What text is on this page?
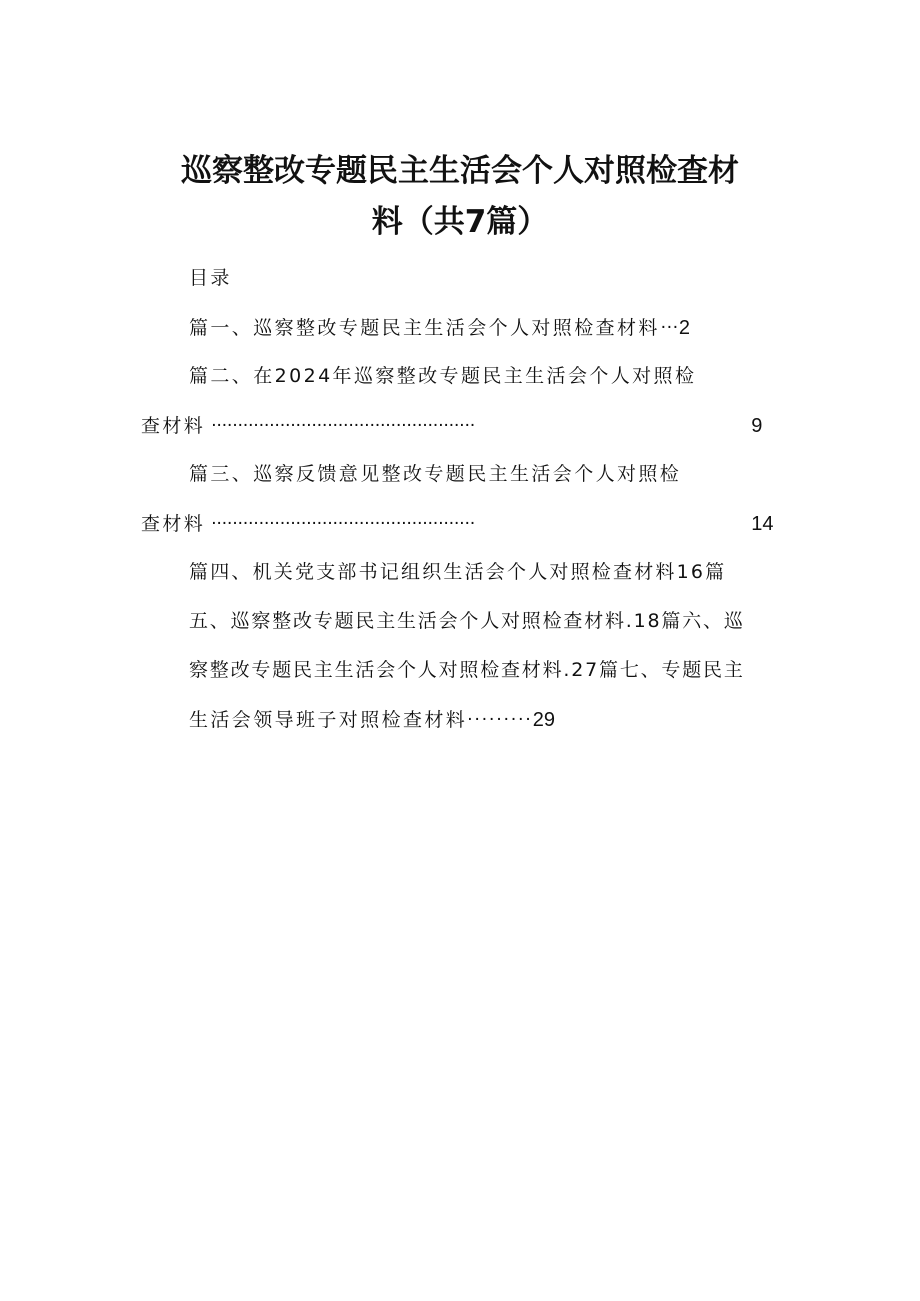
巡察整改专题民主生活会个人对照检查材
料（共7篇）
目录
篇一、巡察整改专题民主生活会个人对照检查材料…2
篇二、在2024年巡察整改专题民主生活会个人对照检
查材料 ..................................................	9
篇三、巡察反馈意见整改专题民主生活会个人对照检
查材料 ..................................................	14
篇四、机关党支部书记组织生活会个人对照检查材料16篇
五、巡察整改专题民主生活会个人对照检查材料.18篇六、巡
察整改专题民主生活会个人对照检查材料.27篇七、专题民主
生活会领导班子对照检查材料.........29
